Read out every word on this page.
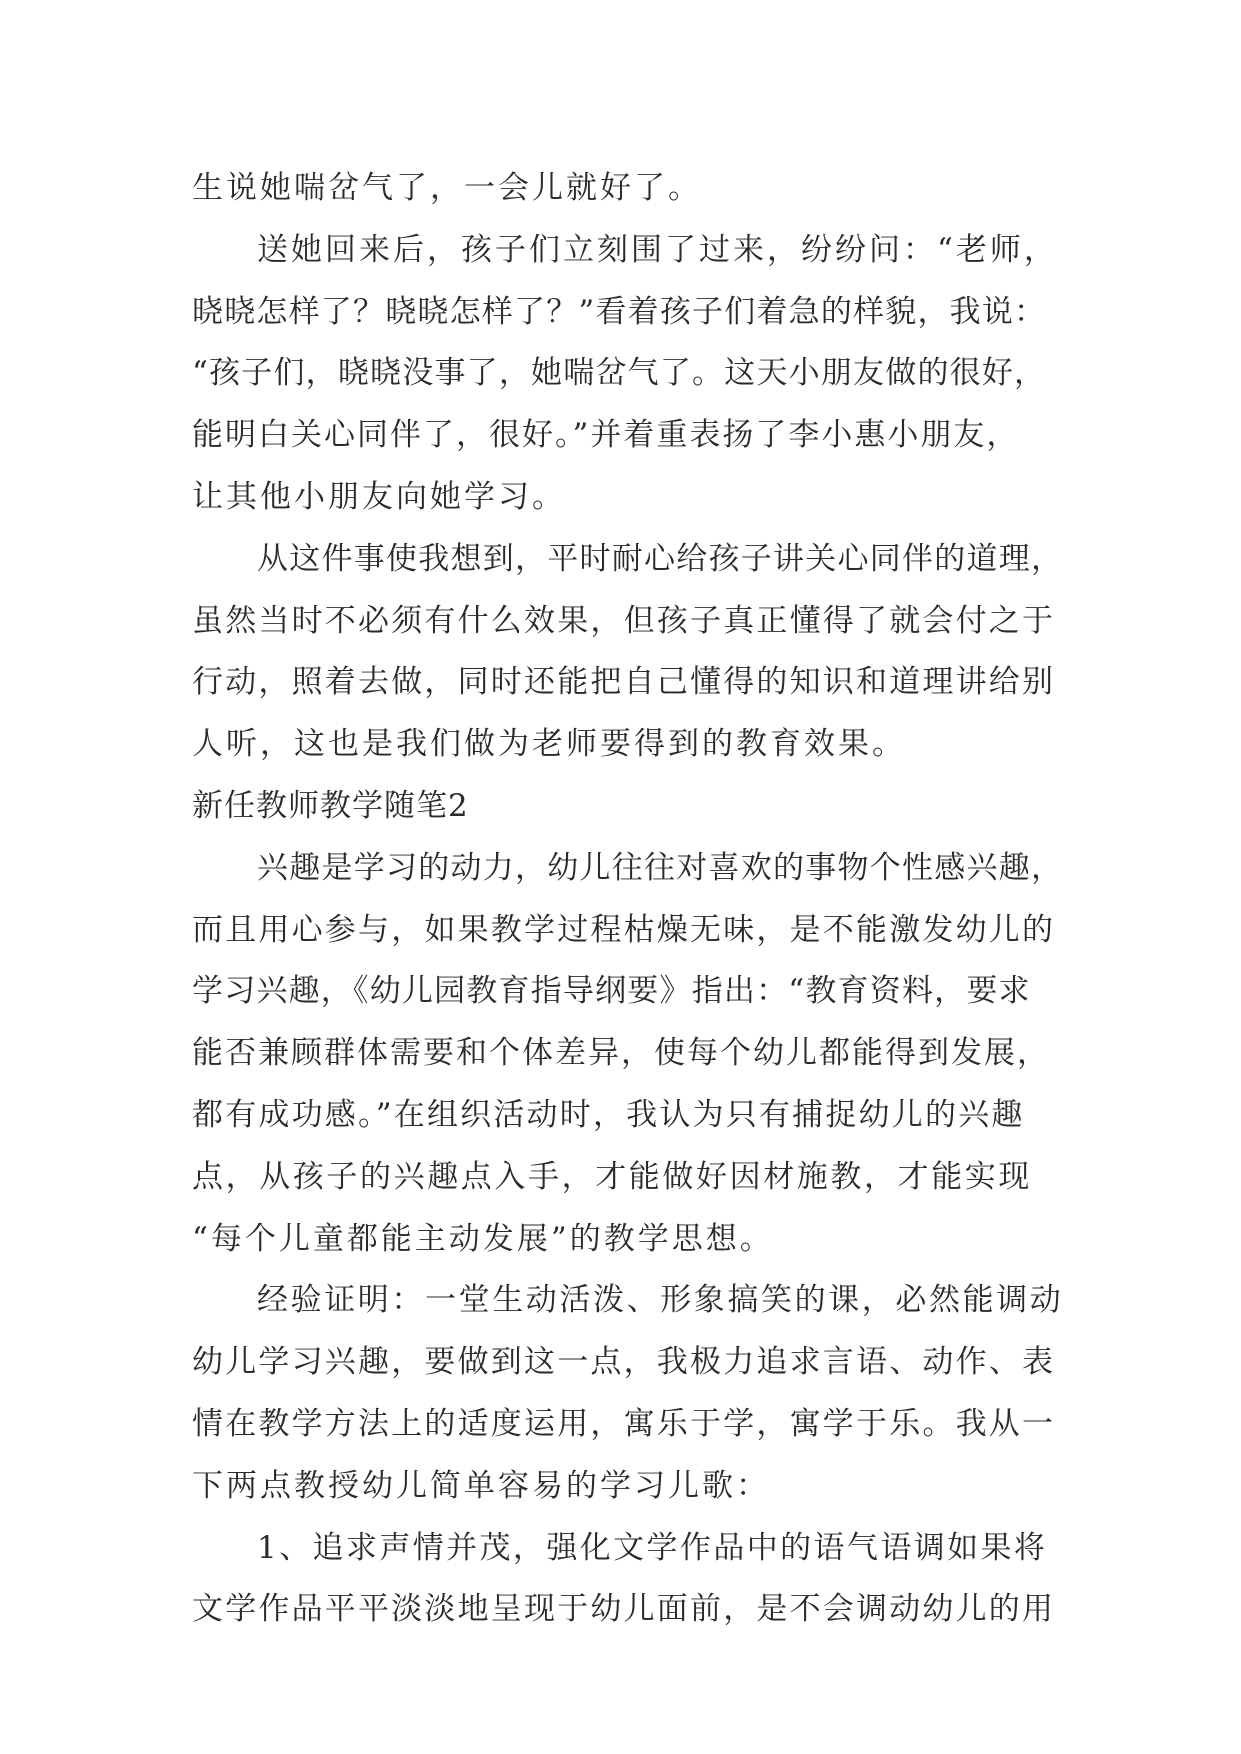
生说她喘岔气了，一会儿就好了。
送她回来后，孩子们立刻围了过来，纷纷问：“老师，
晓晓怎样了？晓晓怎样了？”看着孩子们着急的样貌，我说：
“孩子们，晓晓没事了，她喘岔气了。这天小朋友做的很好，
能明白关心同伴了，很好。”并着重表扬了李小惠小朋友，
让其他小朋友向她学习。
从这件事使我想到，平时耐心给孩子讲关心同伴的道理，
虽然当时不必须有什么效果，但孩子真正懂得了就会付之于
行动，照着去做，同时还能把自己懂得的知识和道理讲给别
人听，这也是我们做为老师要得到的教育效果。
新任教师教学随笔2
兴趣是学习的动力，幼儿往往对喜欢的事物个性感兴趣，
而且用心参与，如果教学过程枯燥无味，是不能激发幼儿的
学习兴趣，《幼儿园教育指导纲要》指出：“教育资料，要求
能否兼顾群体需要和个体差异，使每个幼儿都能得到发展，
都有成功感。”在组织活动时，我认为只有捕捉幼儿的兴趣
点，从孩子的兴趣点入手，才能做好因材施教，才能实现
“每个儿童都能主动发展”的教学思想。
经验证明：一堂生动活泼、形象搞笑的课，必然能调动
幼儿学习兴趣，要做到这一点，我极力追求言语、动作、表
情在教学方法上的适度运用，寓乐于学，寓学于乐。我从一
下两点教授幼儿简单容易的学习儿歌：
1、追求声情并茂，强化文学作品中的语气语调如果将
文学作品平平淡淡地呈现于幼儿面前，是不会调动幼儿的用
